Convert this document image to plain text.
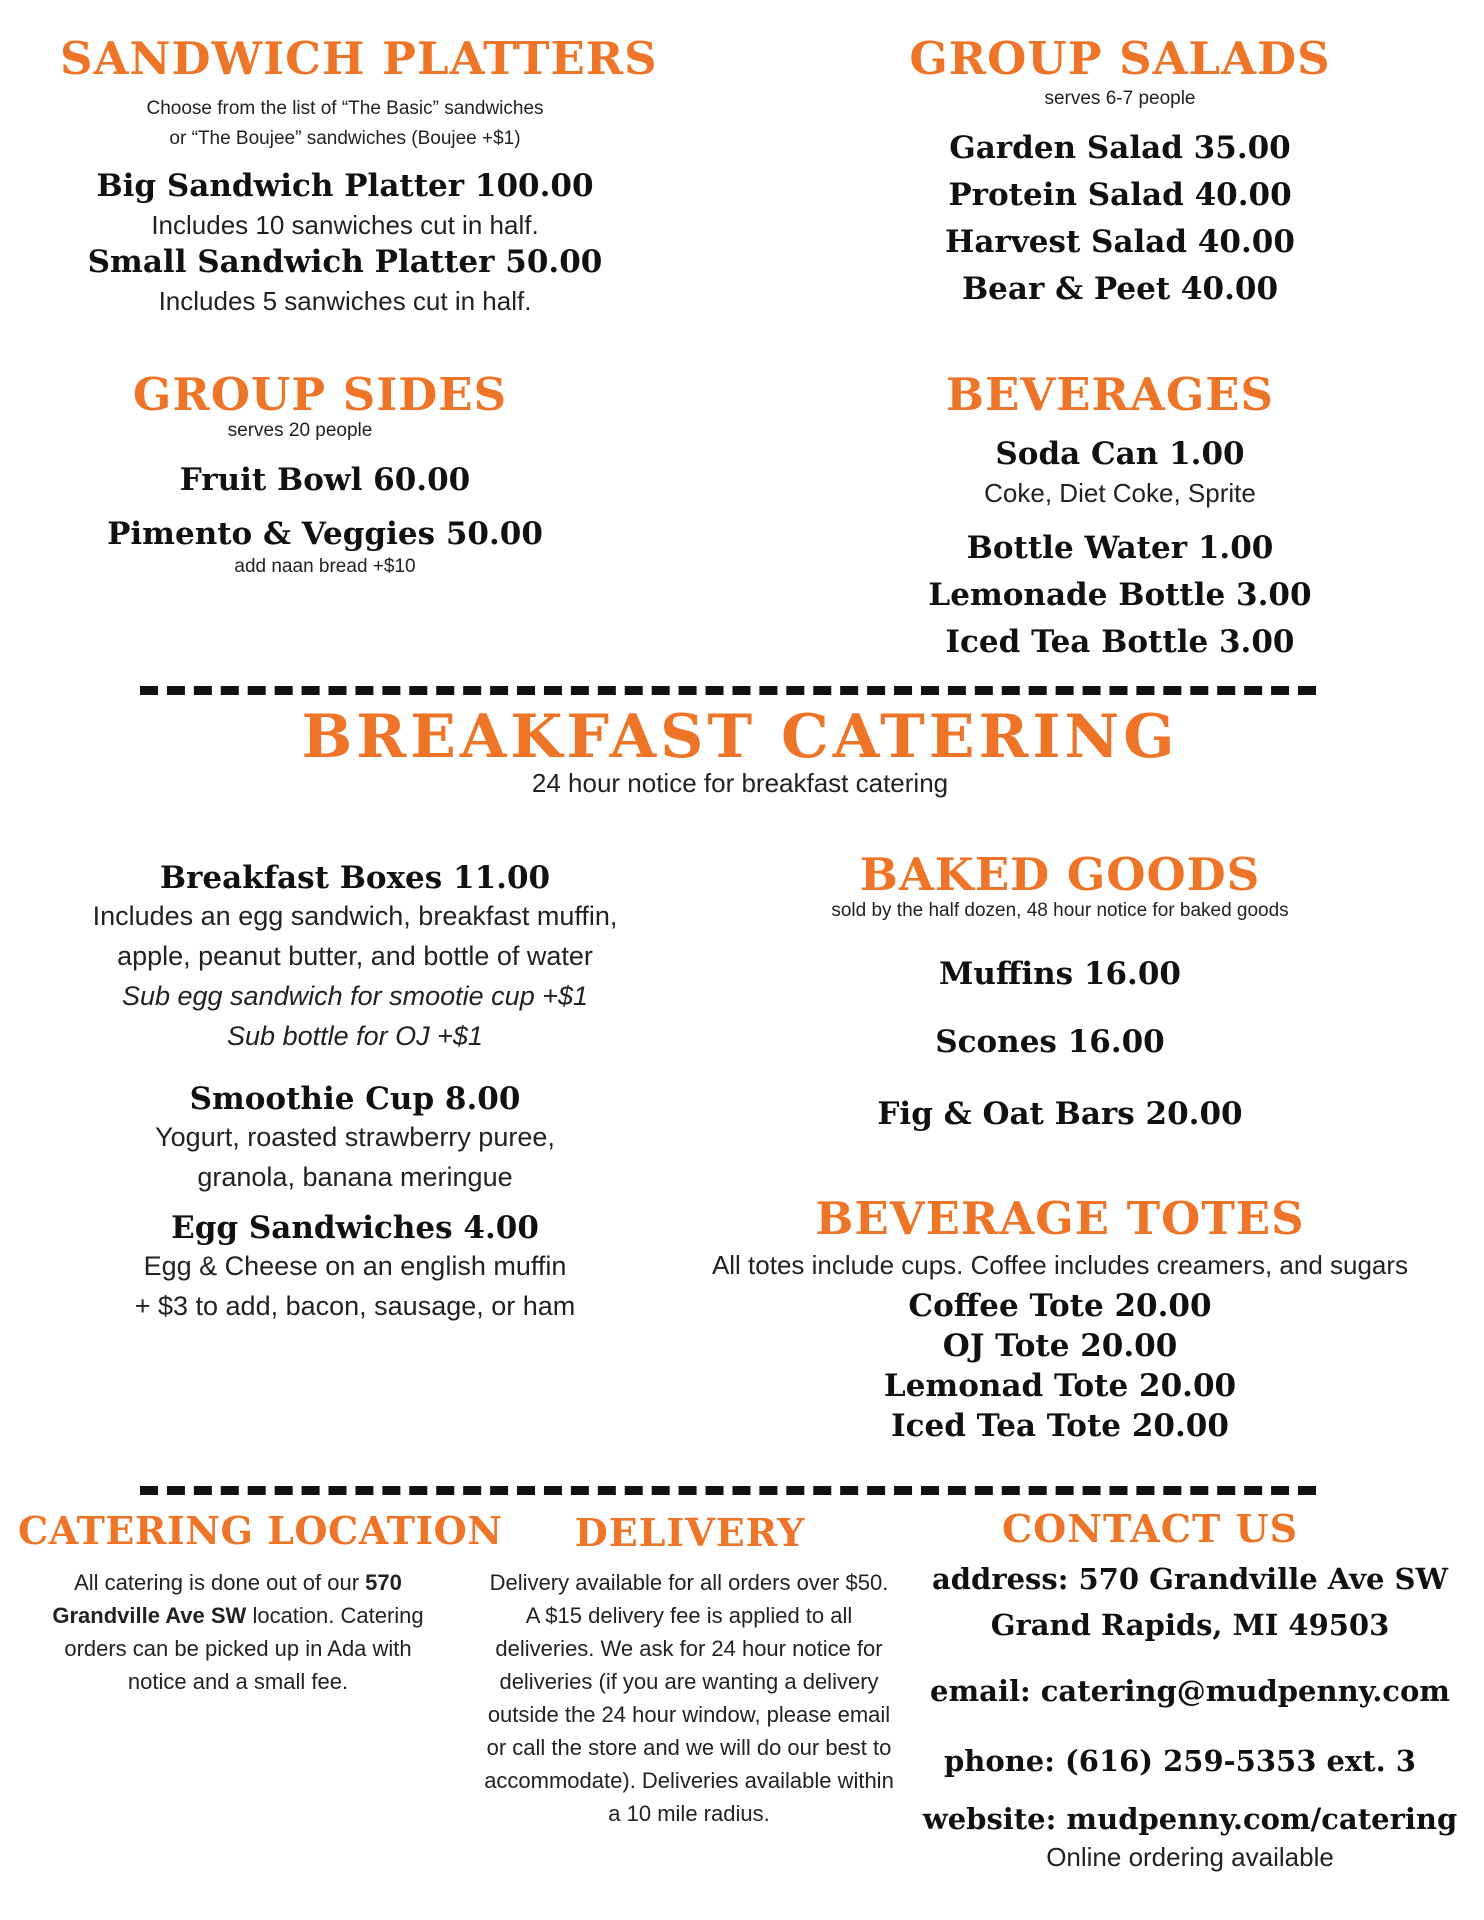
SANDWICH PLATTERS
Choose from the list of “The Basic” sandwiches
or “The Boujee” sandwiches (Boujee +$1)
Big Sandwich Platter 100.00
Includes 10 sanwiches cut in half.
Small Sandwich Platter 50.00
Includes 5 sanwiches cut in half.
GROUP SALADS
serves 6-7 people
Garden Salad 35.00
Protein Salad 40.00
Harvest Salad 40.00
Bear & Peet 40.00
GROUP SIDES
serves 20 people
Fruit Bowl 60.00
Pimento & Veggies 50.00
add naan bread +$10
BEVERAGES
Soda Can 1.00
Coke, Diet Coke, Sprite
Bottle Water 1.00
Lemonade Bottle 3.00
Iced Tea Bottle 3.00
BREAKFAST CATERING
24 hour notice for breakfast catering
Breakfast Boxes 11.00
Includes an egg sandwich, breakfast muffin,
apple, peanut butter, and bottle of water
Sub egg sandwich for smootie cup +$1
Sub bottle for OJ +$1
Smoothie Cup 8.00
Yogurt, roasted strawberry puree,
granola, banana meringue
Egg Sandwiches 4.00
Egg & Cheese on an english muffin
+ $3 to add, bacon, sausage, or ham
BAKED GOODS
sold by the half dozen, 48 hour notice for baked goods
Muffins 16.00
Scones 16.00
Fig & Oat Bars 20.00
BEVERAGE TOTES
All totes include cups. Coffee includes creamers, and sugars
Coffee Tote 20.00
OJ Tote 20.00
Lemonad Tote 20.00
Iced Tea Tote 20.00
CATERING LOCATION

All catering is done out of our 570 Grandville Ave SW location. Catering orders can be picked up in Ada with notice and a small fee.

DELIVERY

Delivery available for all orders over $50. A $15 delivery fee is applied to all deliveries. We ask for 24 hour notice for deliveries (if you are wanting a delivery outside the 24 hour window, please email or call the store and we will do our best to accommodate). Deliveries available within a 10 mile radius.

CONTACT US
address: 570 Grandville Ave SW
Grand Rapids, MI 49503
email: catering@mudpenny.com
phone: (616) 259-5353 ext. 3
website: mudpenny.com/catering
Online ordering available
